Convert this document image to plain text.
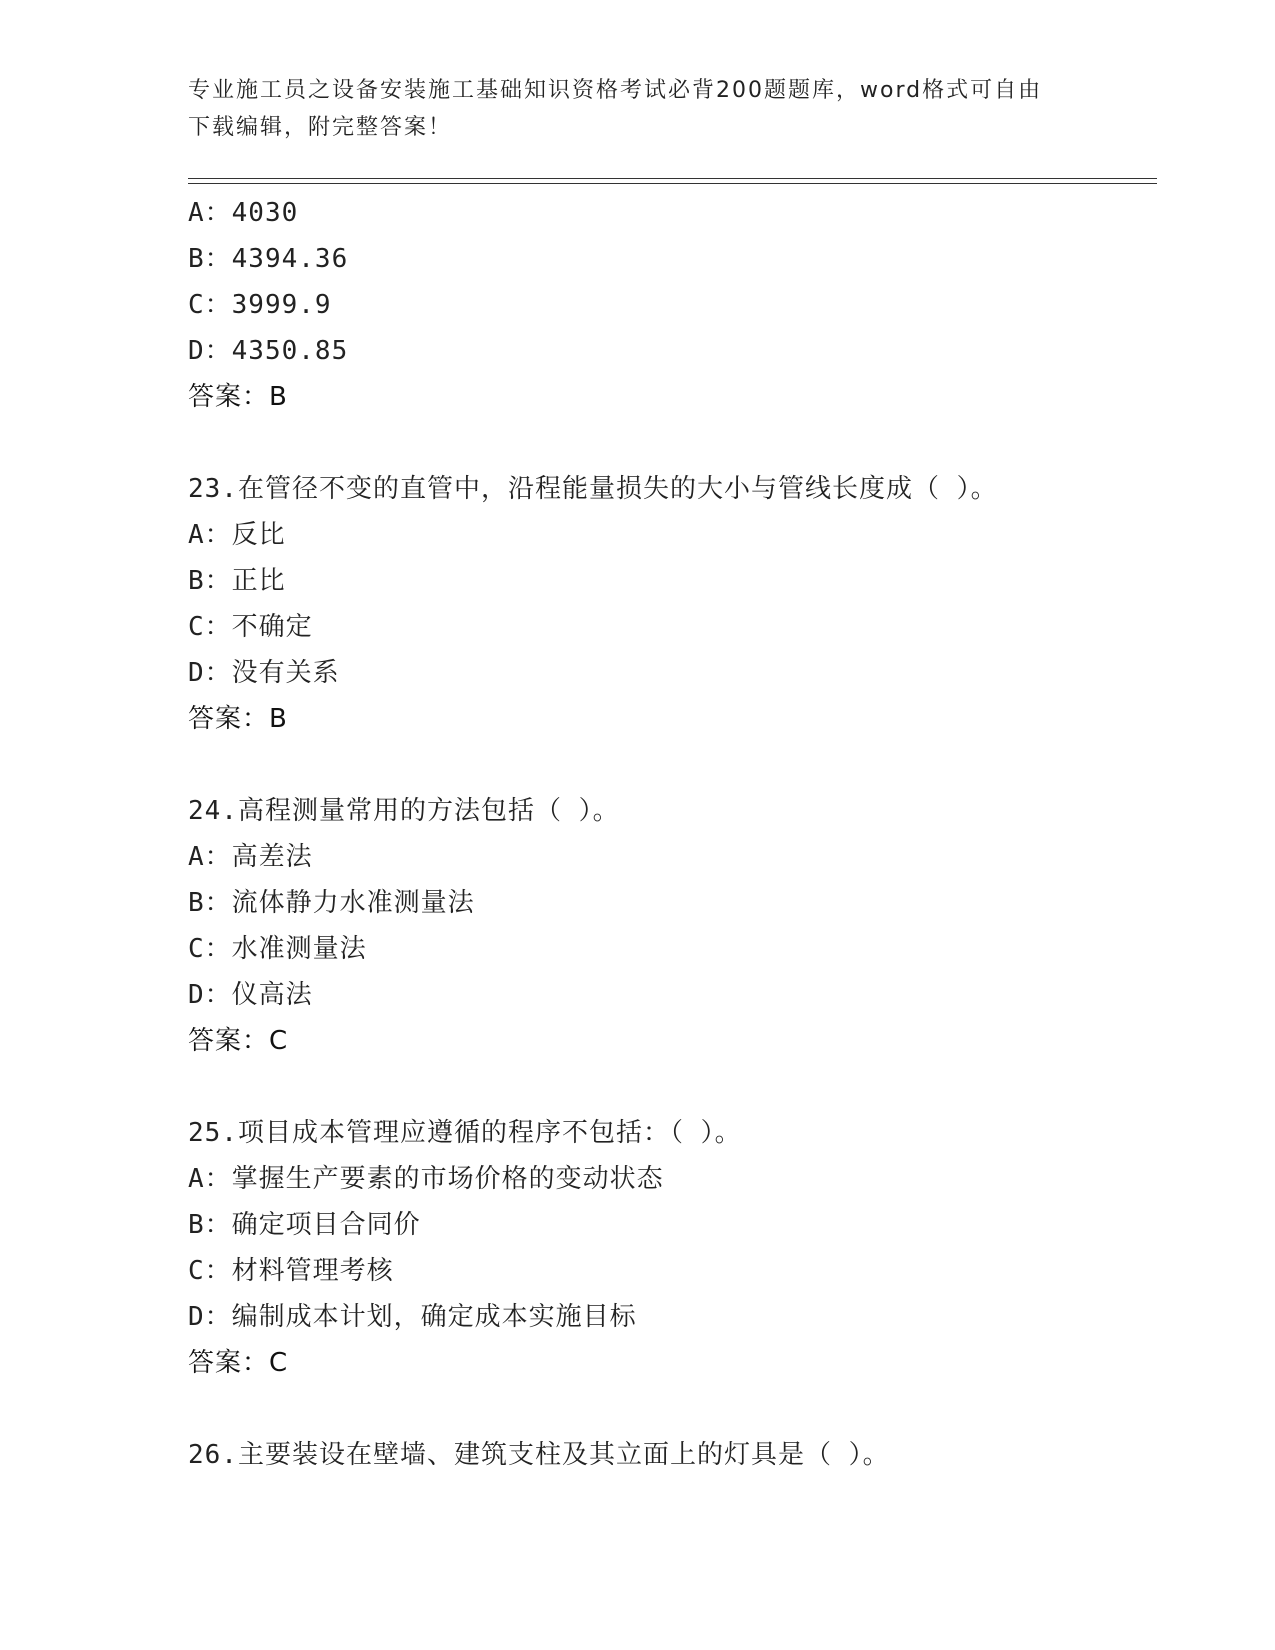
专业施工员之设备安装施工基础知识资格考试必背200题题库，word格式可自由
下载编辑，附完整答案！
A：4030
B：4394.36
C：3999.9
D：4350.85
答案：B
23.在管径不变的直管中，沿程能量损失的大小与管线长度成（ ）。
A：反比
B：正比
C：不确定
D：没有关系
答案：B
24.高程测量常用的方法包括（ ）。
A：高差法
B：流体静力水准测量法
C：水准测量法
D：仪高法
答案：C
25.项目成本管理应遵循的程序不包括：（ ）。
A：掌握生产要素的市场价格的变动状态
B：确定项目合同价
C：材料管理考核
D：编制成本计划，确定成本实施目标
答案：C
26.主要装设在壁墙、建筑支柱及其立面上的灯具是（ ）。
